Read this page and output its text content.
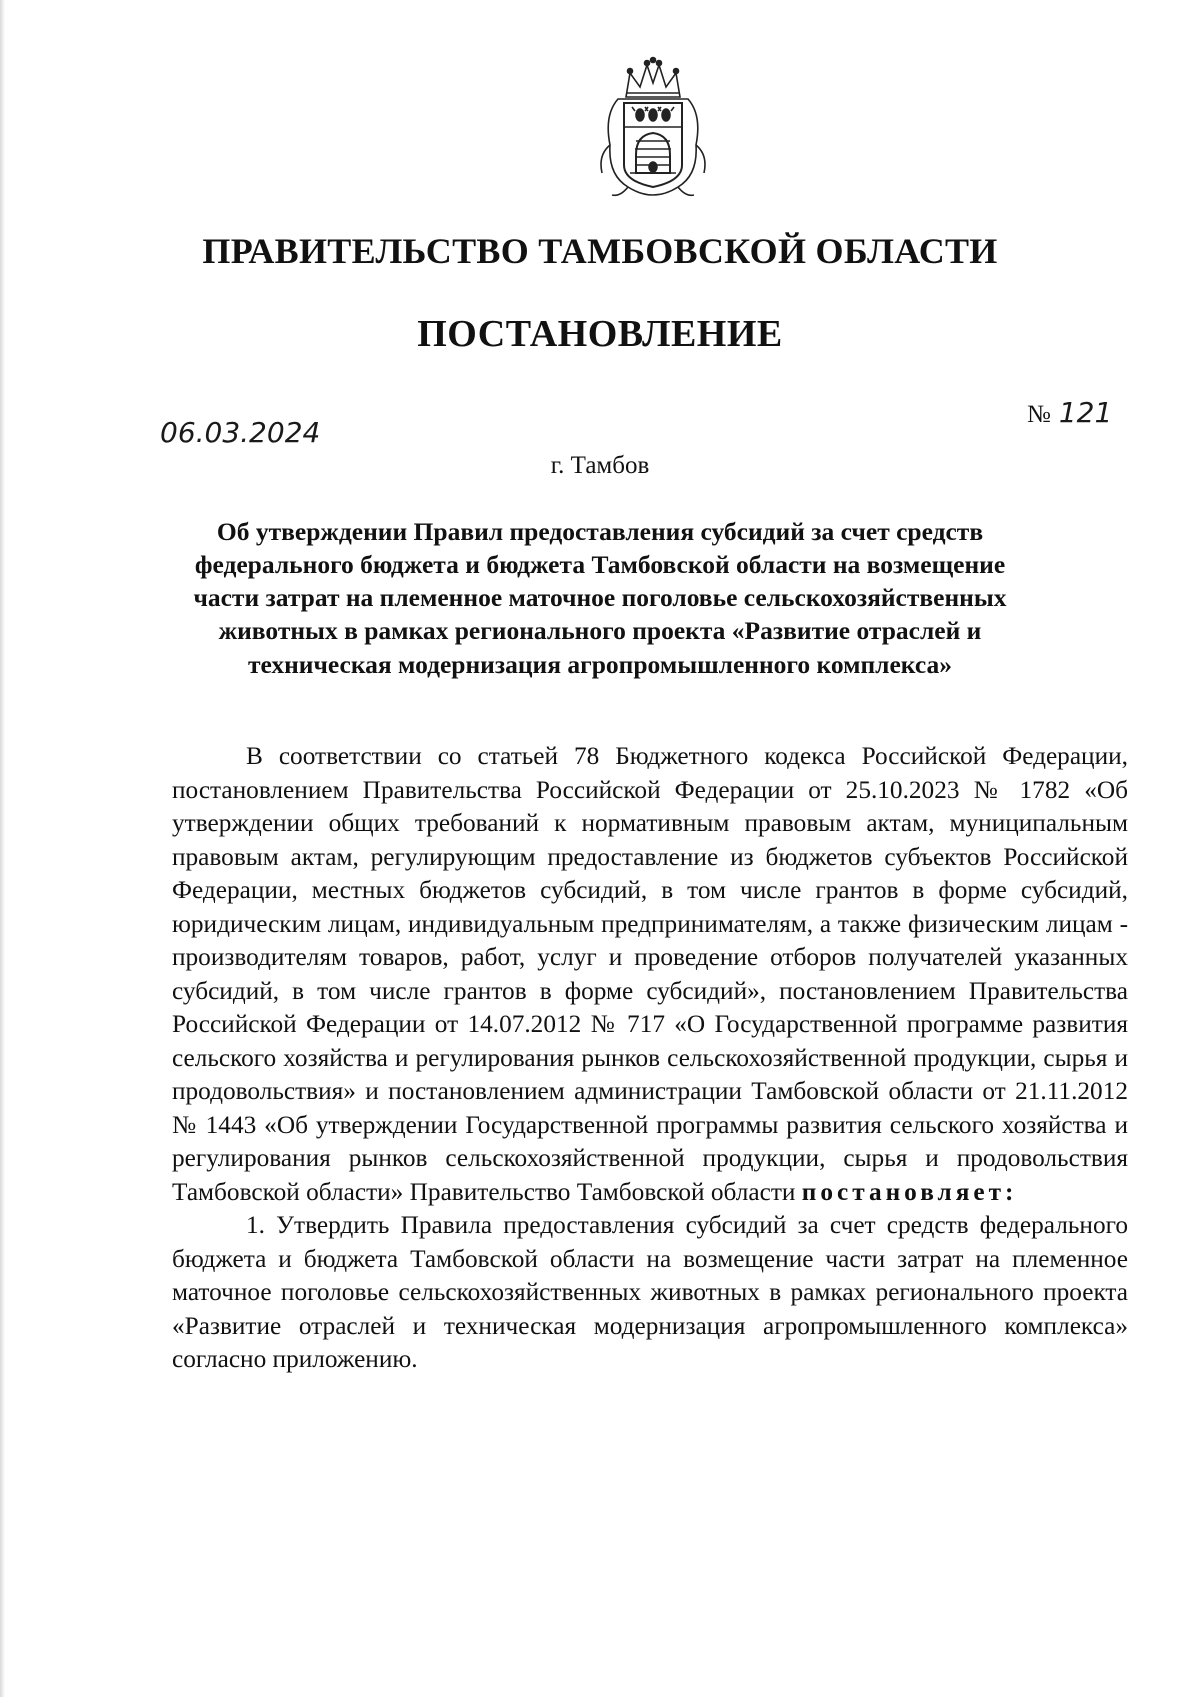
ПРАВИТЕЛЬСТВО ТАМБОВСКОЙ ОБЛАСТИ
ПОСТАНОВЛЕНИЕ
06.03.2024
№ 121
г. Тамбов

Об утверждении Правил предоставления субсидий за счет средств федерального бюджета и бюджета Тамбовской области на возмещение части затрат на племенное маточное поголовье сельскохозяйственных животных в рамках регионального проекта «Развитие отраслей и техническая модернизация агропромышленного комплекса»

В соответствии со статьей 78 Бюджетного кодекса Российской Федерации, постановлением Правительства Российской Федерации от 25.10.2023 № 1782 «Об утверждении общих требований к нормативным правовым актам, муниципальным правовым актам, регулирующим предоставление из бюджетов субъектов Российской Федерации, местных бюджетов субсидий, в том числе грантов в форме субсидий, юридическим лицам, индивидуальным предпринимателям, а также физическим лицам - производителям товаров, работ, услуг и проведение отборов получателей указанных субсидий, в том числе грантов в форме субсидий», постановлением Правительства Российской Федерации от 14.07.2012 № 717 «О Государственной программе развития сельского хозяйства и регулирования рынков сельскохозяйственной продукции, сырья и продовольствия» и постановлением администрации Тамбовской области от 21.11.2012 № 1443 «Об утверждении Государственной программы развития сельского хозяйства и регулирования рынков сельскохозяйственной продукции, сырья и продовольствия Тамбовской области» Правительство Тамбовской области постановляет:

1. Утвердить Правила предоставления субсидий за счет средств федерального бюджета и бюджета Тамбовской области на возмещение части затрат на племенное маточное поголовье сельскохозяйственных животных в рамках регионального проекта «Развитие отраслей и техническая модернизация агропромышленного комплекса» согласно приложению.
